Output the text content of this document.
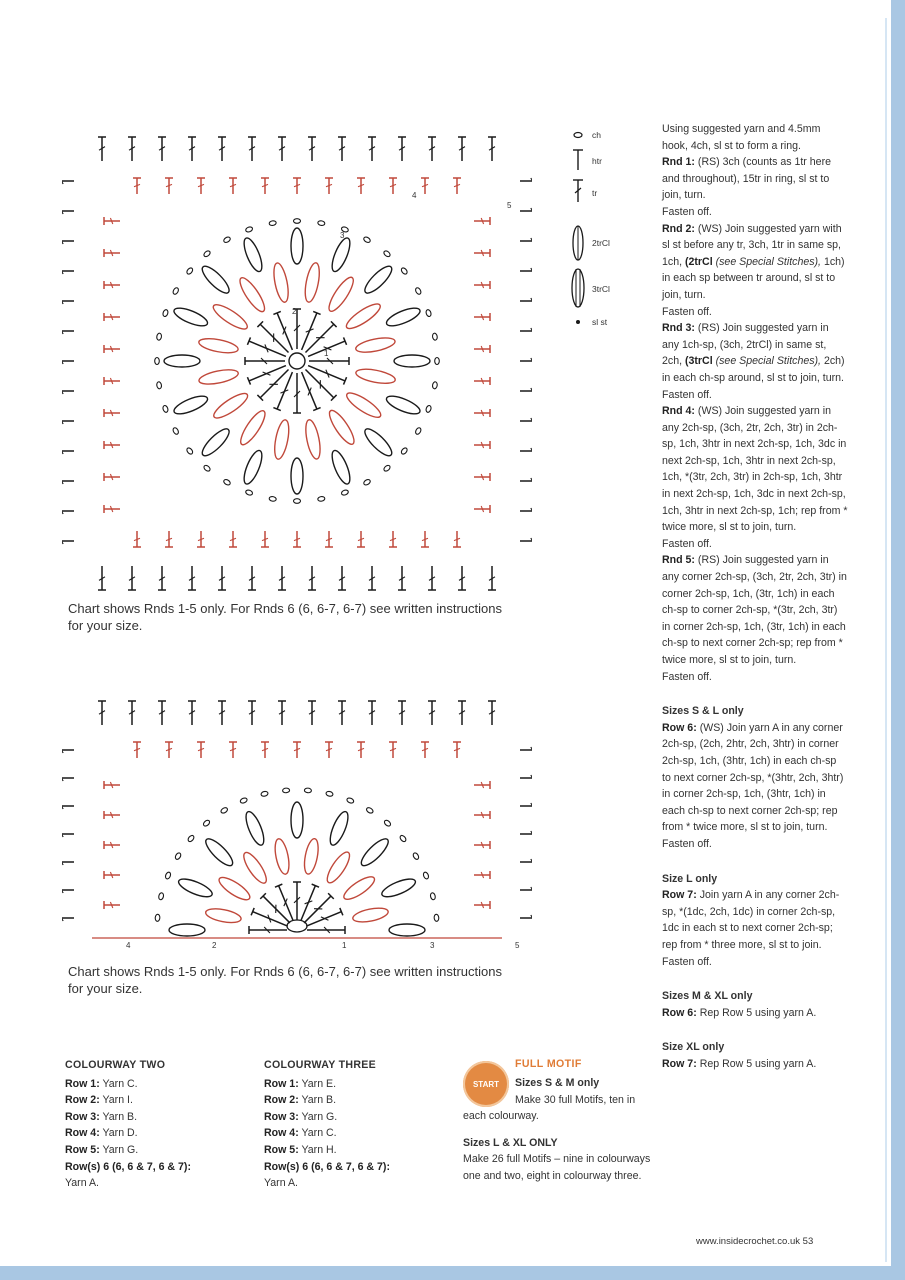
3
4
5
2
1
Chart shows Rnds 1-5 only. For Rnds 6 (6, 6-7, 6-7) see written instructions for your size.
4	2	1	3	5
Chart shows Rnds 1-5 only. For Rnds 6 (6, 6-7, 6-7) see written instructions for your size.
ch
htr
tr
2trCl
3trCl
sl st

Using suggested yarn and 4.5mm hook, 4ch, sl st to form a ring.

Rnd 1: (RS) 3ch (counts as 1tr here and throughout), 15tr in ring, sl st to join, turn.

Fasten off.

Rnd 2: (WS) Join suggested yarn with sl st before any tr, 3ch, 1tr in same sp, 1ch, (2trCl (see Special Stitches), 1ch) in each sp between tr around, sl st to join, turn.

Fasten off.

Rnd 3: (RS) Join suggested yarn in any 1ch-sp, (3ch, 2trCl) in same st, 2ch, (3trCl (see Special Stitches), 2ch) in each ch-sp around, sl st to join, turn.

Fasten off.

Rnd 4: (WS) Join suggested yarn in any 2ch-sp, (3ch, 2tr, 2ch, 3tr) in 2ch-sp, 1ch, 3htr in next 2ch-sp, 1ch, 3dc in next 2ch-sp, 1ch, 3htr in next 2ch-sp, 1ch, *(3tr, 2ch, 3tr) in 2ch-sp, 1ch, 3htr in next 2ch-sp, 1ch, 3dc in next 2ch-sp, 1ch, 3htr in next 2ch-sp, 1ch; rep from * twice more, sl st to join, turn.

Fasten off.

Rnd 5: (RS) Join suggested yarn in any corner 2ch-sp, (3ch, 2tr, 2ch, 3tr) in corner 2ch-sp, 1ch, (3tr, 1ch) in each ch-sp to corner 2ch-sp, *(3tr, 2ch, 3tr) in corner 2ch-sp, 1ch, (3tr, 1ch) in each ch-sp to next corner 2ch-sp; rep from * twice more, sl st to join, turn.

Fasten off.

Sizes S & L only

Row 6: (WS) Join yarn A in any corner 2ch-sp, (2ch, 2htr, 2ch, 3htr) in corner 2ch-sp, 1ch, (3htr, 1ch) in each ch-sp to next corner 2ch-sp, *(3htr, 2ch, 3htr) in corner 2ch-sp, 1ch, (3htr, 1ch) in each ch-sp to next corner 2ch-sp; rep from * twice more, sl st to join, turn.

Fasten off.

Size L only

Row 7: Join yarn A in any corner 2ch-sp, *(1dc, 2ch, 1dc) in corner 2ch-sp, 1dc in each st to next corner 2ch-sp; rep from * three more, sl st to join.

Fasten off.

Sizes M & XL only

Row 6: Rep Row 5 using yarn A.

Size XL only

Row 7: Rep Row 5 using yarn A.

COLOURWAY TWO

Row 1: Yarn C.

Row 2: Yarn I.

Row 3: Yarn B.

Row 4: Yarn D.

Row 5: Yarn G.

Row(s) 6 (6, 6 & 7, 6 & 7):

Yarn A.

COLOURWAY THREE

Row 1: Yarn E.

Row 2: Yarn B.

Row 3: Yarn G.

Row 4: Yarn C.

Row 5: Yarn H.

Row(s) 6 (6, 6 & 7, 6 & 7):

Yarn A.

START
FULL MOTIF

Sizes S & M only

Make 30 full Motifs, ten in each colourway.

Sizes L & XL ONLY

Make 26 full Motifs – nine in colourways one and two, eight in colourway three.

www.insidecrochet.co.uk 53
